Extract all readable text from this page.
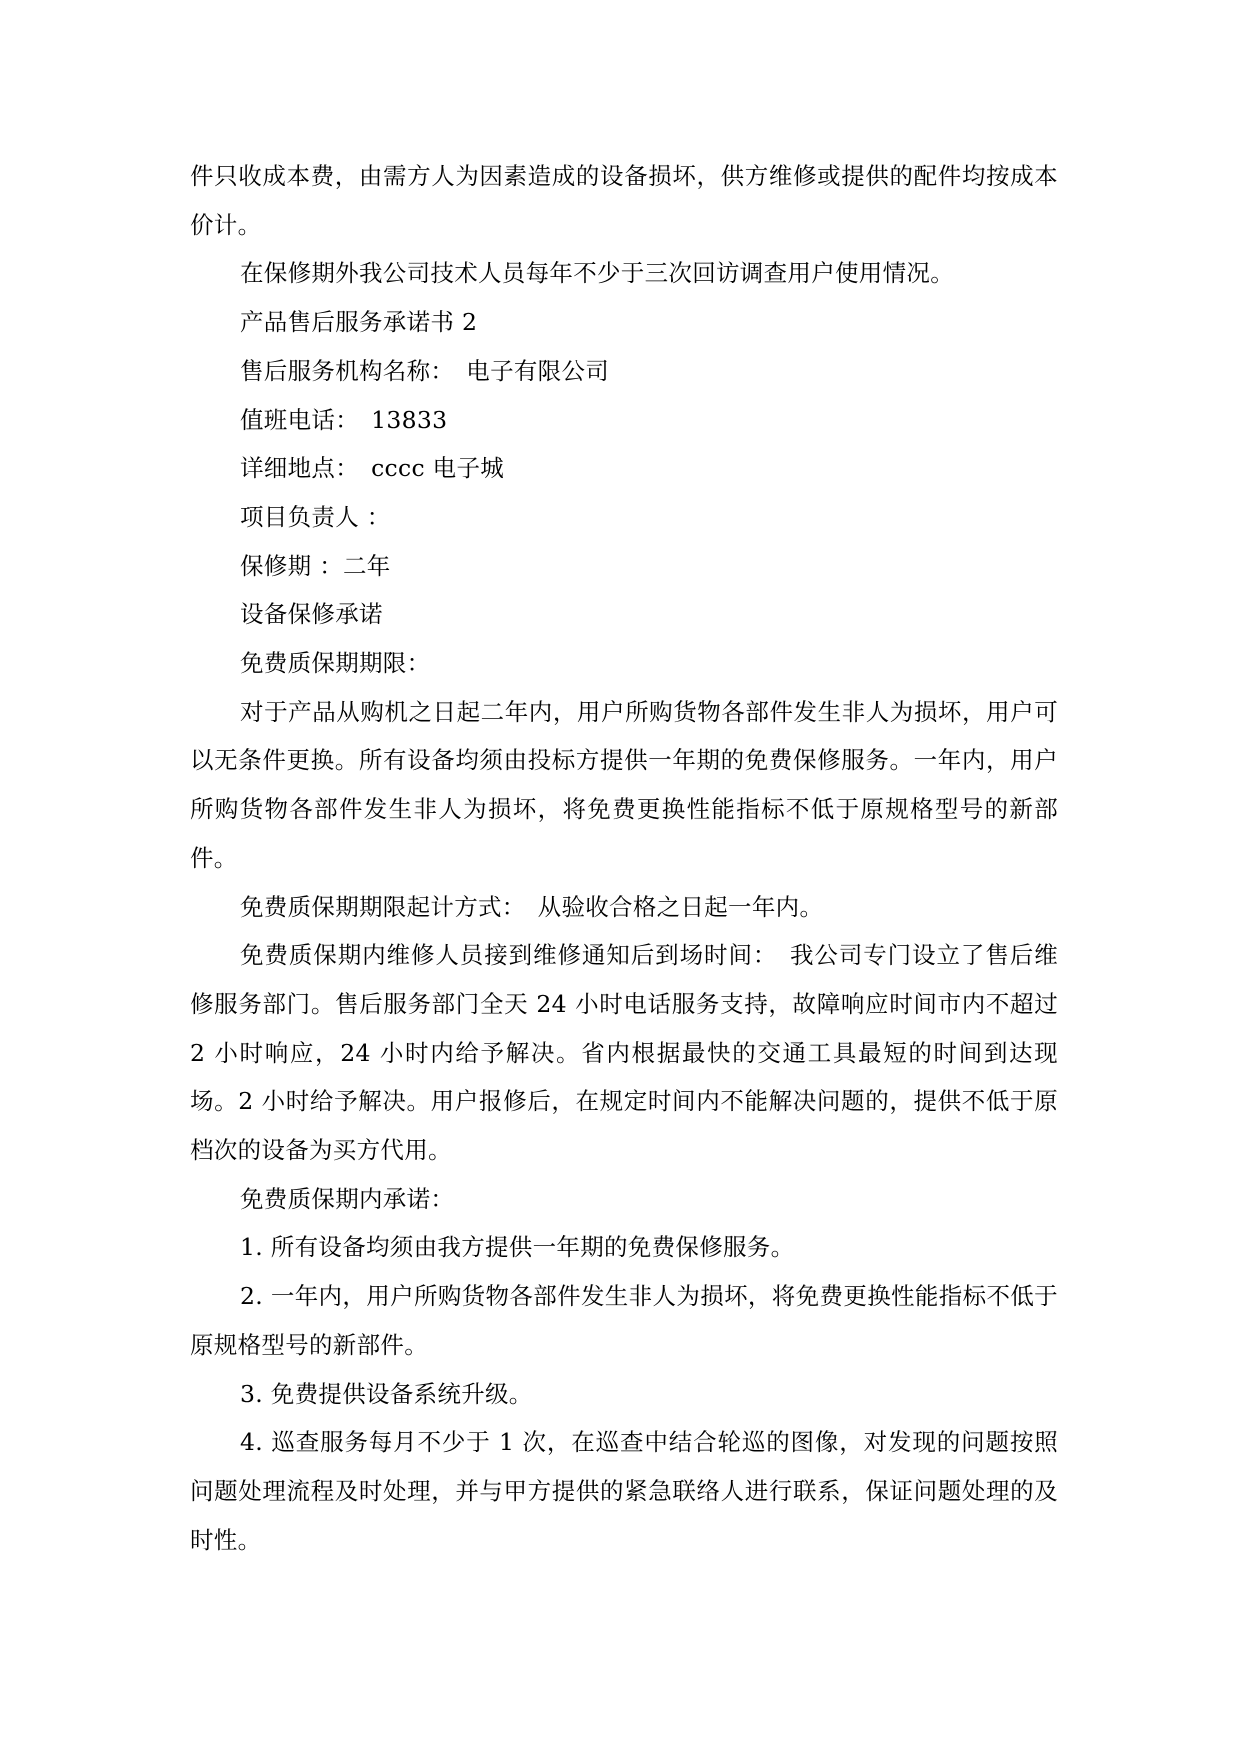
件只收成本费，由需方人为因素造成的设备损坏，供方维修或提供的配件均按成本价计。

在保修期外我公司技术人员每年不少于三次回访调查用户使用情况。

产品售后服务承诺书 2

售后服务机构名称：　 电子有限公司

值班电话：　 13833

详细地点：　 cccc 电子城

项目负责人 ：

保修期 ：二年

设备保修承诺

免费质保期期限：

对于产品从购机之日起二年内，用户所购货物各部件发生非人为损坏，用户可以无条件更换。所有设备均须由投标方提供一年期的免费保修服务。一年内，用户所购货物各部件发生非人为损坏，将免费更换性能指标不低于原规格型号的新部件。

免费质保期期限起计方式：　从验收合格之日起一年内。

免费质保期内维修人员接到维修通知后到场时间：　我公司专门设立了售后维修服务部门。售后服务部门全天 24 小时电话服务支持，故障响应时间市内不超过 2 小时响应，24 小时内给予解决。省内根据最快的交通工具最短的时间到达现场。2 小时给予解决。用户报修后，在规定时间内不能解决问题的，提供不低于原档次的设备为买方代用。

免费质保期内承诺：

1. 所有设备均须由我方提供一年期的免费保修服务。

2. 一年内，用户所购货物各部件发生非人为损坏，将免费更换性能指标不低于原规格型号的新部件。

3. 免费提供设备系统升级。

4. 巡查服务每月不少于 1 次，在巡查中结合轮巡的图像，对发现的问题按照问题处理流程及时处理，并与甲方提供的紧急联络人进行联系，保证问题处理的及时性。
